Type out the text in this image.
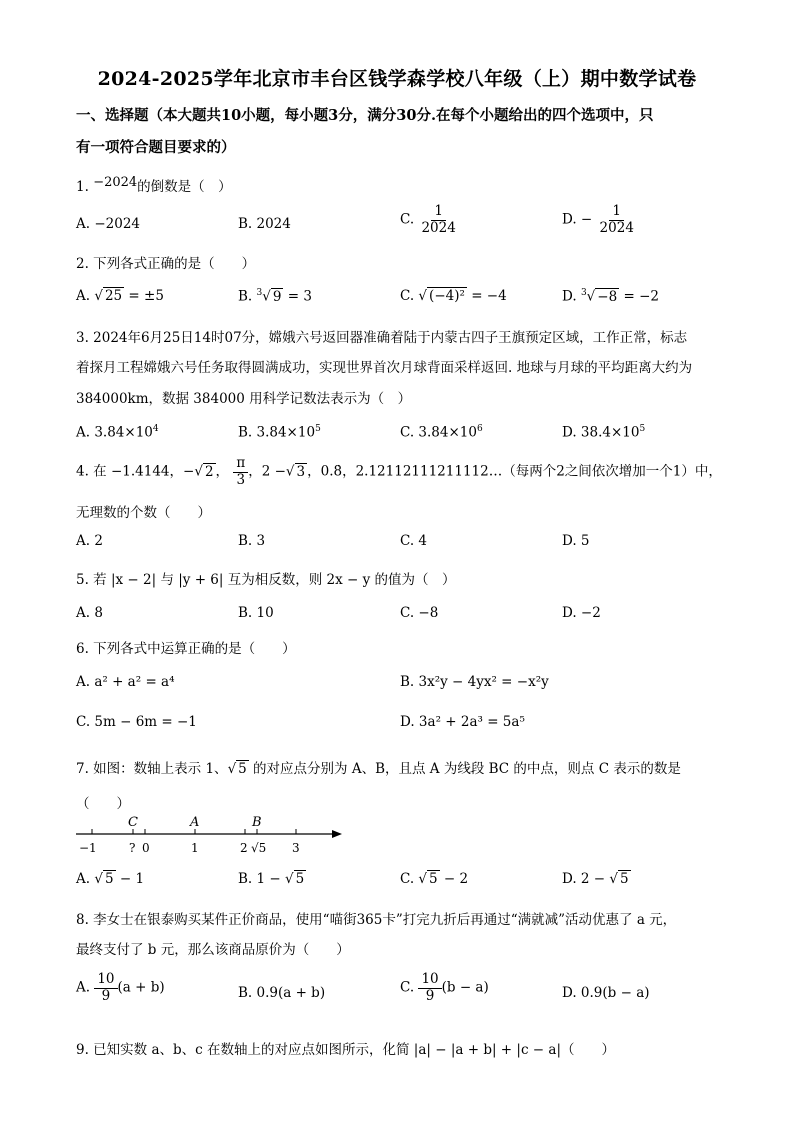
2024-2025学年北京市丰台区钱学森学校八年级（上）期中数学试卷
一、选择题（本大题共10小题，每小题3分，满分30分.在每个小题给出的四个选项中，只
有一项符合题目要求的）
1. $^{-2024}$的倒数是（　）
A. −2024	B. 2024	C. $\frac{1}{2024}$	D. − $\frac{1}{2024}$
2. 下列各式正确的是（　　）
A. √ 25 = ±5	B. $^3$√ 9 = 3	C. √ (−4)² = −4	D. $^3$√ −8 = −2
3. 2024年6月25日14时07分，嫦娥六号返回器准确着陆于内蒙古四子王旗预定区域，工作正常，标志
着探月工程嫦娥六号任务取得圆满成功，实现世界首次月球背面采样返回. 地球与月球的平均距离大约为
384000km，数据 384000 用科学记数法表示为（　）
A. $3.84\times 10^4$	B. $3.84\times 10^5$	C. $3.84\times 10^6$	D. $38.4\times 10^5$
4. 在 −1.4144，−√ 2 ， $\frac{\pi}{3}$ ，2 −√ 3 ，0.8̇，2.12112111211112…（每两个2之间依次增加一个1）中，
无理数的个数（　　）
A. 2	B. 3	C. 4	D. 5
5. 若 |x − 2| 与 |y + 6| 互为相反数，则 2x − y 的值为（　）
A. 8	B. 10	C. −8	D. −2
6. 下列各式中运算正确的是（　　）
A. a² + a² = a⁴	B. 3x²y − 4yx² = −x²y
C. 5m − 6m = −1	D. 3a² + 2a³ = 5a⁵
7. 如图：数轴上表示 1、√ 5 的对应点分别为 A、B，且点 A 为线段 BC 的中点，则点 C 表示的数是
（　　）
C	A	B
−1	? 0	1	2 √5 3
A. √ 5 − 1	B. 1 − √ 5	C. √ 5 − 2	D. 2 − √ 5
8. 李女士在银泰购买某件正价商品，使用“喵街365卡”打完九折后再通过“满就减”活动优惠了 a 元，
最终支付了 b 元，那么该商品原价为（　　）
A. $\frac{10}{9} (a + b)$	B. 0.9(a + b)	C. $\frac{10}{9} (b - a)$	D. 0.9(b − a)
9. 已知实数 a、b、c 在数轴上的对应点如图所示，化简 |a| − |a + b| + |c − a|（　　）
